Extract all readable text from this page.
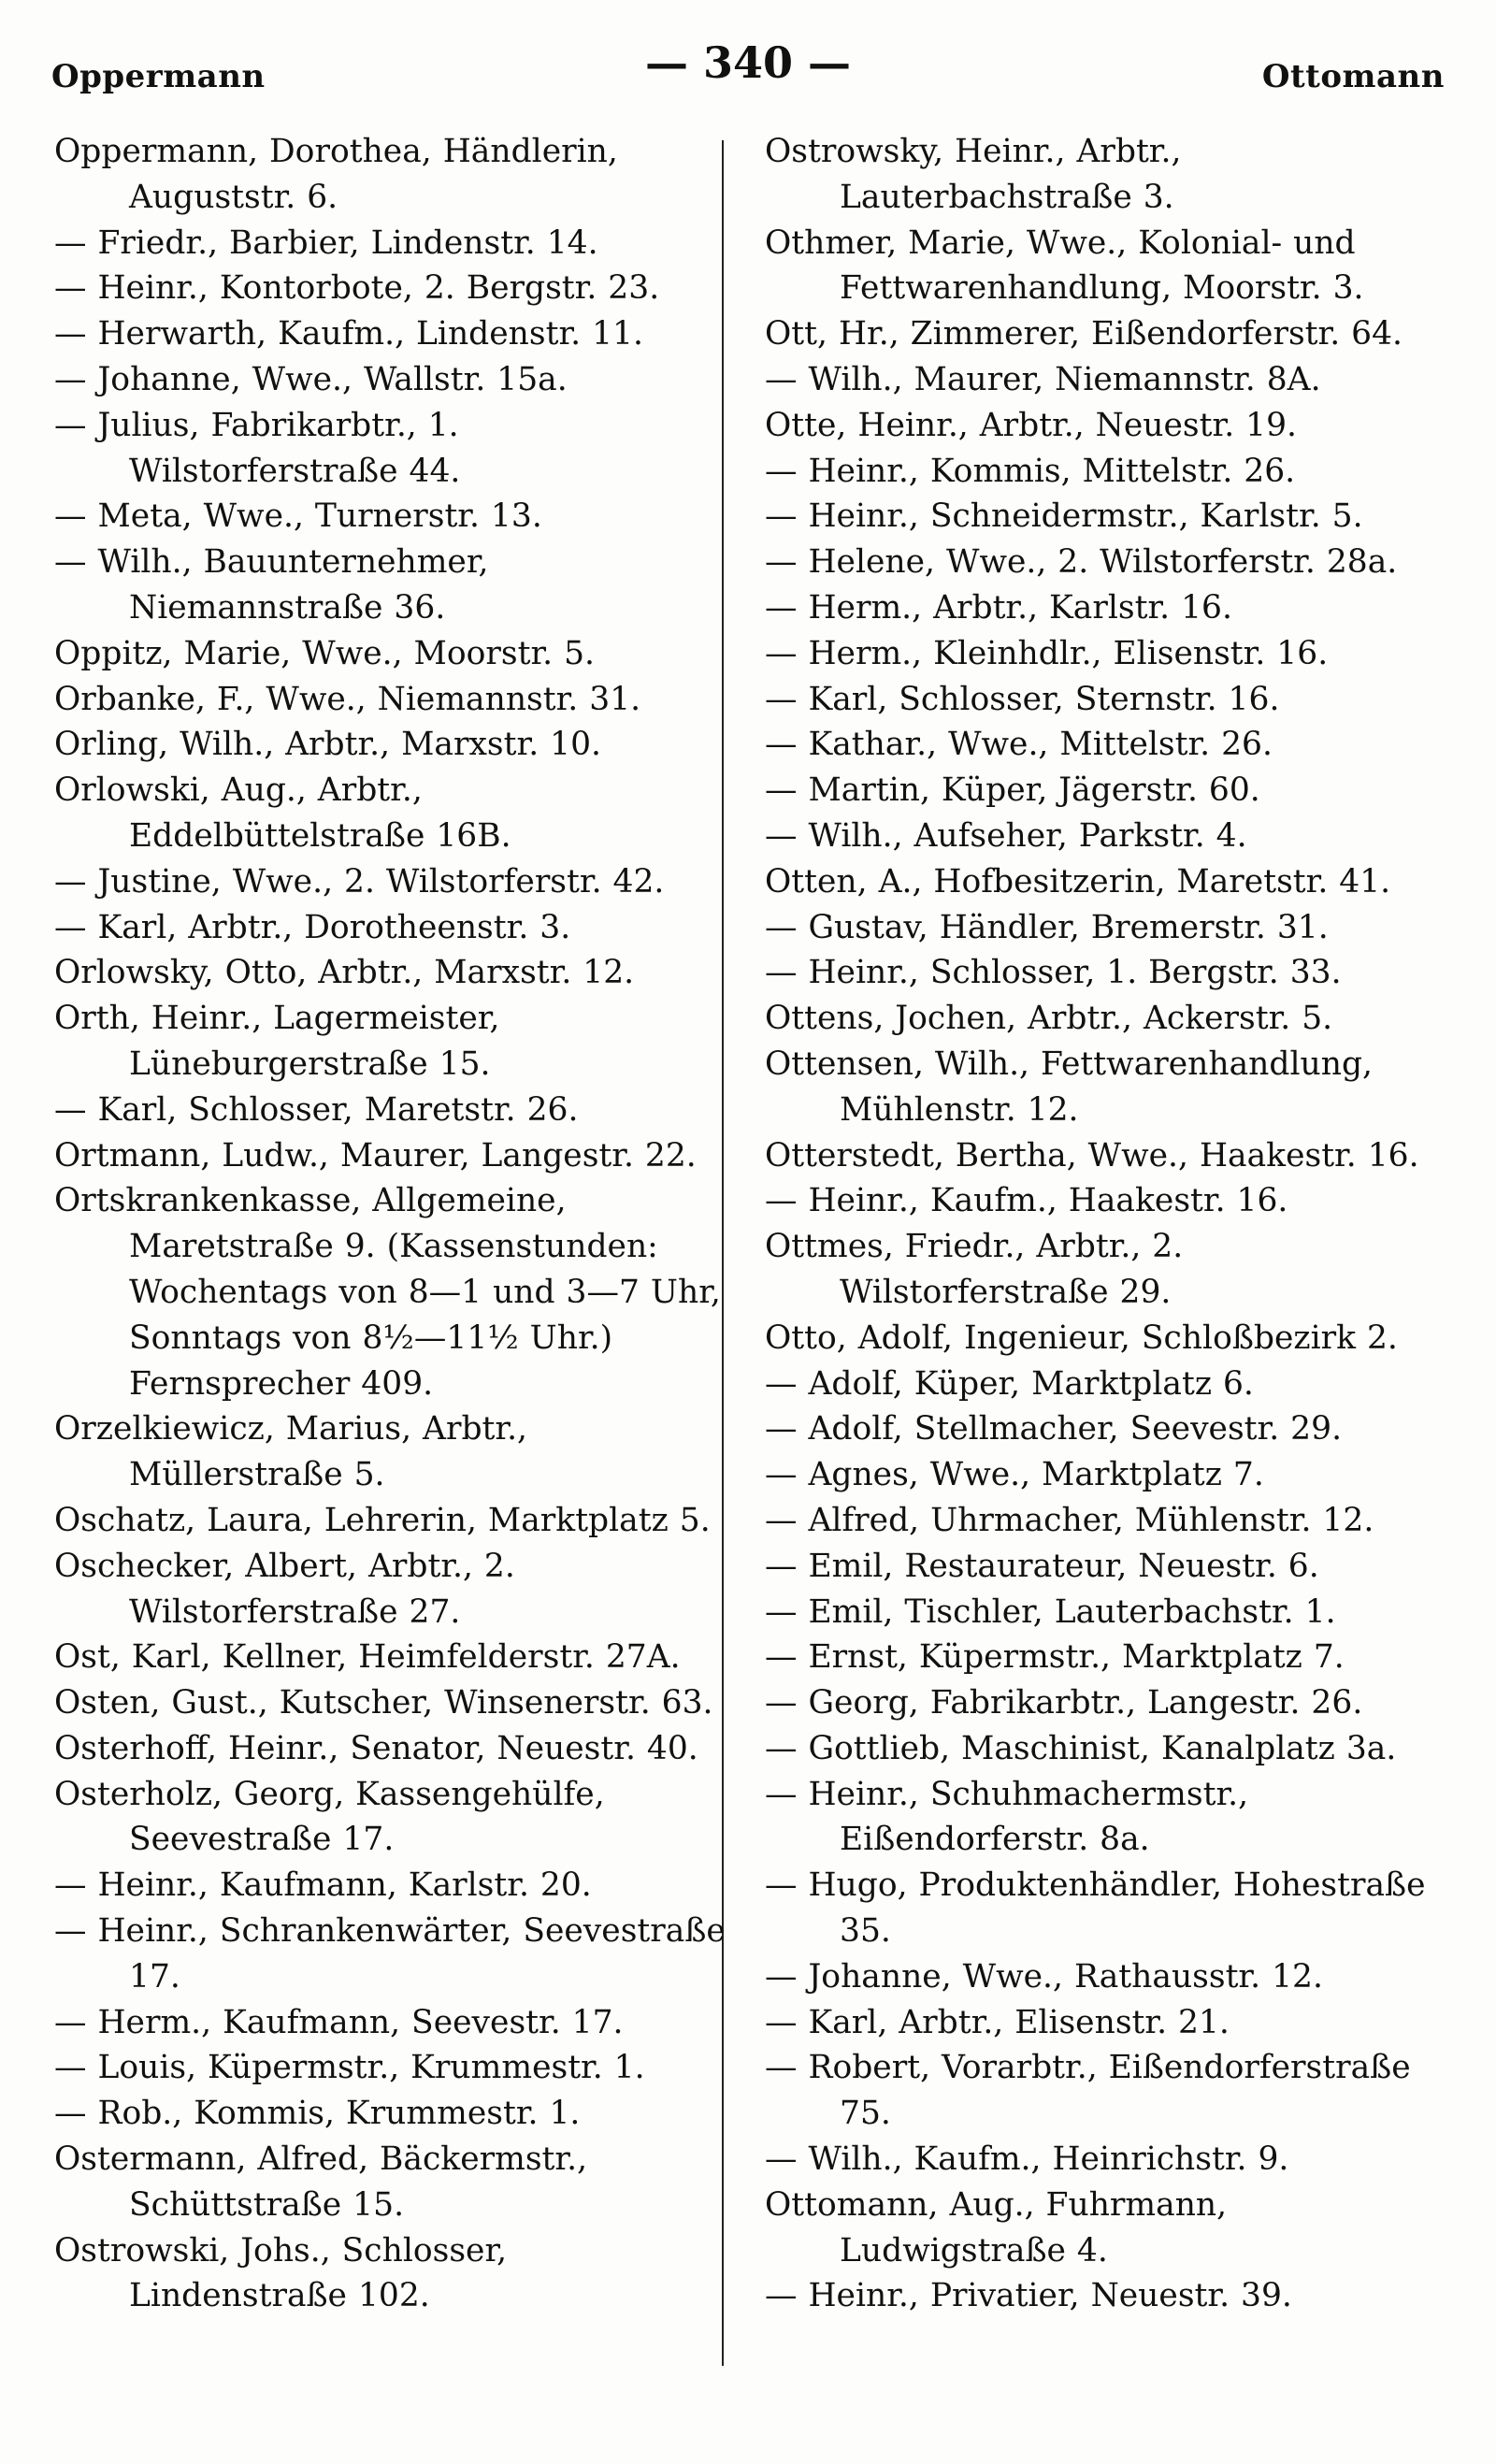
Oppermann	— 340 —	Ottomann
Oppermann, Dorothea, Händlerin, Auguststr. 6.
— Friedr., Barbier, Lindenstr. 14.
— Heinr., Kontorbote, 2. Bergstr. 23.
— Herwarth, Kaufm., Lindenstr. 11.
— Johanne, Wwe., Wallstr. 15a.
— Julius, Fabrikarbtr., 1. Wilstorferstraße 44.
— Meta, Wwe., Turnerstr. 13.
— Wilh., Bauunternehmer, Niemannstraße 36.
Oppitz, Marie, Wwe., Moorstr. 5.
Orbanke, F., Wwe., Niemannstr. 31.
Orling, Wilh., Arbtr., Marxstr. 10.
Orlowski, Aug., Arbtr., Eddelbüttelstraße 16B.
— Justine, Wwe., 2. Wilstorferstr. 42.
— Karl, Arbtr., Dorotheenstr. 3.
Orlowsky, Otto, Arbtr., Marxstr. 12.
Orth, Heinr., Lagermeister, Lüneburgerstraße 15.
— Karl, Schlosser, Maretstr. 26.
Ortmann, Ludw., Maurer, Langestr. 22.
Ortskrankenkasse, Allgemeine, Maretstraße 9. (Kassenstunden: Wochentags von 8—1 und 3—7 Uhr, Sonntags von 8½—11½ Uhr.) Fernsprecher 409.
Orzelkiewicz, Marius, Arbtr., Müllerstraße 5.
Oschatz, Laura, Lehrerin, Marktplatz 5.
Oschecker, Albert, Arbtr., 2. Wilstorferstraße 27.
Ost, Karl, Kellner, Heimfelderstr. 27A.
Osten, Gust., Kutscher, Winsenerstr. 63.
Osterhoff, Heinr., Senator, Neuestr. 40.
Osterholz, Georg, Kassengehülfe, Seevestraße 17.
— Heinr., Kaufmann, Karlstr. 20.
— Heinr., Schrankenwärter, Seevestraße 17.
— Herm., Kaufmann, Seevestr. 17.
— Louis, Küpermstr., Krummestr. 1.
— Rob., Kommis, Krummestr. 1.
Ostermann, Alfred, Bäckermstr., Schüttstraße 15.
Ostrowski, Johs., Schlosser, Lindenstraße 102.
Ostrowsky, Heinr., Arbtr., Lauterbachstraße 3.
Othmer, Marie, Wwe., Kolonial- und Fettwarenhandlung, Moorstr. 3.
Ott, Hr., Zimmerer, Eißendorferstr. 64.
— Wilh., Maurer, Niemannstr. 8A.
Otte, Heinr., Arbtr., Neuestr. 19.
— Heinr., Kommis, Mittelstr. 26.
— Heinr., Schneidermstr., Karlstr. 5.
— Helene, Wwe., 2. Wilstorferstr. 28a.
— Herm., Arbtr., Karlstr. 16.
— Herm., Kleinhdlr., Elisenstr. 16.
— Karl, Schlosser, Sternstr. 16.
— Kathar., Wwe., Mittelstr. 26.
— Martin, Küper, Jägerstr. 60.
— Wilh., Aufseher, Parkstr. 4.
Otten, A., Hofbesitzerin, Maretstr. 41.
— Gustav, Händler, Bremerstr. 31.
— Heinr., Schlosser, 1. Bergstr. 33.
Ottens, Jochen, Arbtr., Ackerstr. 5.
Ottensen, Wilh., Fettwarenhandlung, Mühlenstr. 12.
Otterstedt, Bertha, Wwe., Haakestr. 16.
— Heinr., Kaufm., Haakestr. 16.
Ottmes, Friedr., Arbtr., 2. Wilstorferstraße 29.
Otto, Adolf, Ingenieur, Schloßbezirk 2.
— Adolf, Küper, Marktplatz 6.
— Adolf, Stellmacher, Seevestr. 29.
— Agnes, Wwe., Marktplatz 7.
— Alfred, Uhrmacher, Mühlenstr. 12.
— Emil, Restaurateur, Neuestr. 6.
— Emil, Tischler, Lauterbachstr. 1.
— Ernst, Küpermstr., Marktplatz 7.
— Georg, Fabrikarbtr., Langestr. 26.
— Gottlieb, Maschinist, Kanalplatz 3a.
— Heinr., Schuhmachermstr., Eißendorferstr. 8a.
— Hugo, Produktenhändler, Hohestraße 35.
— Johanne, Wwe., Rathausstr. 12.
— Karl, Arbtr., Elisenstr. 21.
— Robert, Vorarbtr., Eißendorferstraße 75.
— Wilh., Kaufm., Heinrichstr. 9.
Ottomann, Aug., Fuhrmann, Ludwigstraße 4.
— Heinr., Privatier, Neuestr. 39.
